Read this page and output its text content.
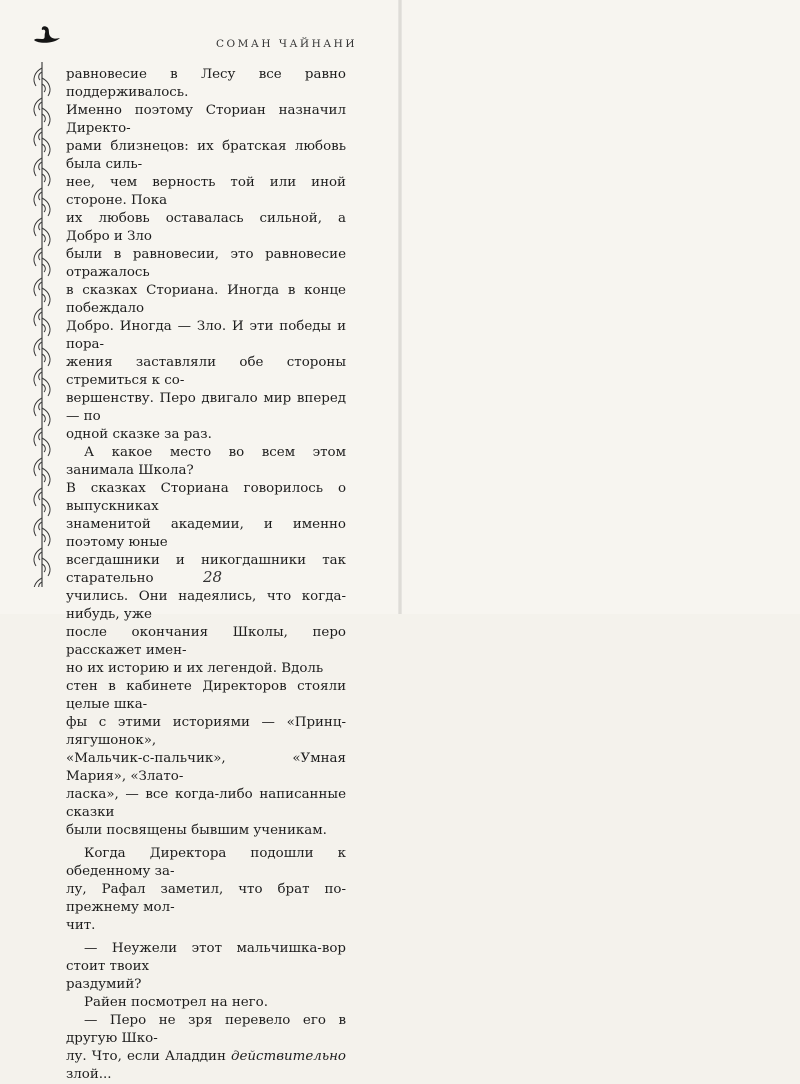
СОМАН ЧАЙНАНИ

равновесие в Лесу все равно поддерживалось.

Именно поэтому Сториан назначил Директо-

рами близнецов: их братская любовь была силь-

нее, чем верность той или иной стороне. Пока

их любовь оставалась сильной, а Добро и Зло

были в равновесии, это равновесие отражалось

в сказках Сториана. Иногда в конце побеждало

Добро. Иногда — Зло. И эти победы и пора-

жения заставляли обе стороны стремиться к со-

вершенству. Перо двигало мир вперед — по

одной сказке за раз.

А какое место во всем этом занимала Школа?

В сказках Сториана говорилось о выпускниках

знаменитой академии, и именно поэтому юные

всегдашники и никогдашники так старательно

учились. Они надеялись, что когда-нибудь, уже

после окончания Школы, перо расскажет имен-

но их историю и их легендой. Вдоль

стен в кабинете Директоров стояли целые шка-

фы с этими историями — «Принц-лягушонок»,

«Мальчик-с-пальчик», «Умная Мария», «Злато-

ласка», — все когда-либо написанные сказки

были посвящены бывшим ученикам.

Когда Директора подошли к обеденному за-

лу, Рафал заметил, что брат по-прежнему мол-

чит.

— Неужели этот мальчишка-вор стоит твоих

раздумий?

Райен посмотрел на него.

— Перо не зря перевело его в другую Шко-

лу. Что, если Аладдин действительно злой...

28
